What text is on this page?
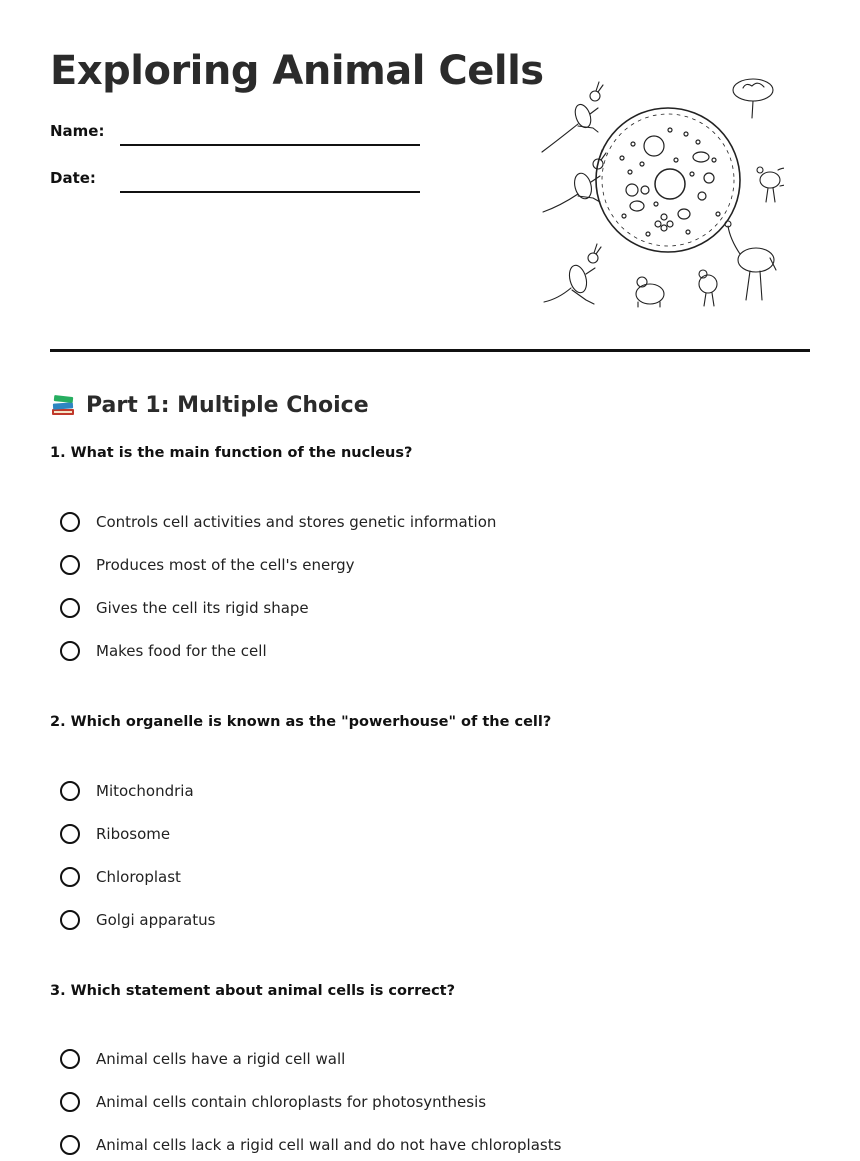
Exploring Animal Cells
Name:
Date:
Part 1: Multiple Choice
1. What is the main function of the nucleus?
Controls cell activities and stores genetic information
Produces most of the cell's energy
Gives the cell its rigid shape
Makes food for the cell
2. Which organelle is known as the "powerhouse" of the cell?
Mitochondria
Ribosome
Chloroplast
Golgi apparatus
3. Which statement about animal cells is correct?
Animal cells have a rigid cell wall
Animal cells contain chloroplasts for photosynthesis
Animal cells lack a rigid cell wall and do not have chloroplasts
